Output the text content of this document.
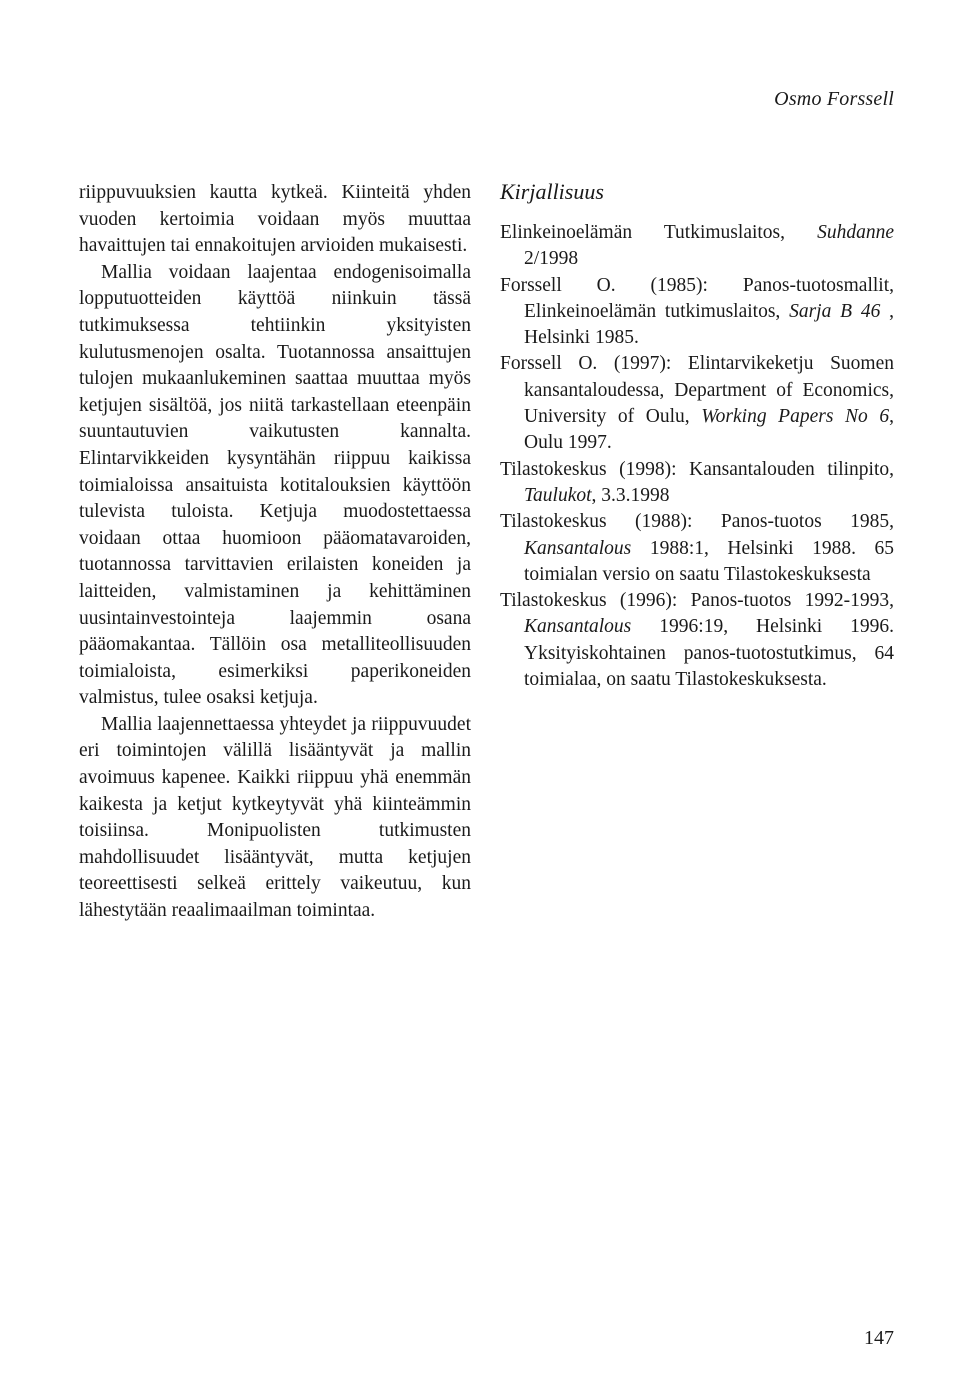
Osmo Forssell

riippuvuuksien kautta kytkeä. Kiinteitä yhden vuoden kertoimia voidaan myös muuttaa havaittujen tai ennakoitujen arvioiden mukaisesti.

Mallia voidaan laajentaa endogenisoimalla lopputuotteiden käyttöä niinkuin tässä tutkimuksessa tehtiinkin yksityisten kulutusmenojen osalta. Tuotannossa ansaittujen tulojen mukaanlukeminen saattaa muuttaa myös ketjujen sisältöä, jos niitä tarkastellaan eteenpäin suuntautuvien vaikutusten kannalta. Elintarvikkeiden kysyntähän riippuu kaikissa toimialoissa ansaituista kotitalouksien käyttöön tulevista tuloista. Ketjuja muodostettaessa voidaan ottaa huomioon pääomatavaroiden, tuotannossa tarvittavien erilaisten koneiden ja laitteiden, valmistaminen ja kehittäminen uusintainvestointeja laajemmin osana pääomakantaa. Tällöin osa metalliteollisuuden toimialoista, esimerkiksi paperikoneiden valmistus, tulee osaksi ketjuja.

Mallia laajennettaessa yhteydet ja riippuvuudet eri toimintojen välillä lisääntyvät ja mallin avoimuus kapenee. Kaikki riippuu yhä enemmän kaikesta ja ketjut kytkeytyvät yhä kiinteämmin toisiinsa. Monipuolisten tutkimusten mahdollisuudet lisääntyvät, mutta ketjujen teoreettisesti selkeä erittely vaikeutuu, kun lähestytään reaalimaailman toimintaa.

Kirjallisuus

Elinkeinoelämän Tutkimuslaitos, Suhdanne 2/1998

Forssell O. (1985): Panos-tuotosmallit, Elinkeinoelämän tutkimuslaitos, Sarja B 46 , Helsinki 1985.

Forssell O. (1997): Elintarvikeketju Suomen kansantaloudessa, Department of Economics, University of Oulu, Working Papers No 6, Oulu 1997.

Tilastokeskus (1998): Kansantalouden tilinpito, Taulukot, 3.3.1998

Tilastokeskus (1988): Panos-tuotos 1985, Kansantalous 1988:1, Helsinki 1988. 65 toimialan versio on saatu Tilastokeskuksesta

Tilastokeskus (1996): Panos-tuotos 1992-1993, Kansantalous 1996:19, Helsinki 1996. Yksityiskohtainen panos-tuotostutkimus, 64 toimialaa, on saatu Tilastokeskuksesta.

147
